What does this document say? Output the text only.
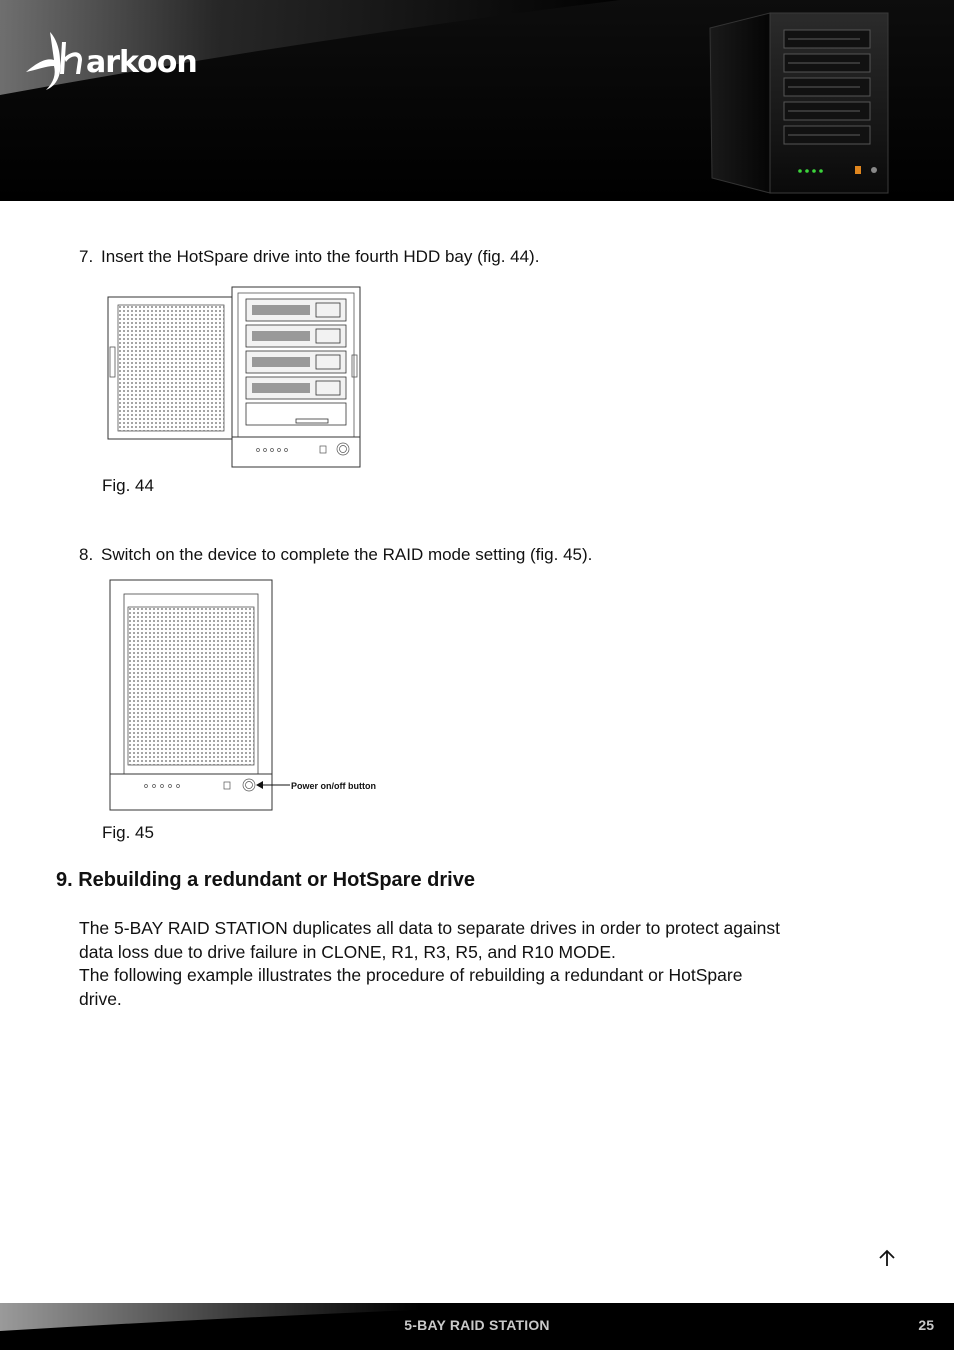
arkoon
7. Insert the HotSpare drive into the fourth HDD bay (fig. 44).
Fig. 44
8. Switch on the device to complete the RAID mode setting (fig. 45).
Power on/off button
Fig. 45
9. Rebuilding a redundant or HotSpare drive

The 5-BAY RAID STATION duplicates all data to separate drives in order to protect against
data loss due to drive failure in CLONE, R1, R3, R5, and R10 MODE.
The following example illustrates the procedure of rebuilding a redundant or HotSpare
drive.

5-BAY RAID STATION	25
